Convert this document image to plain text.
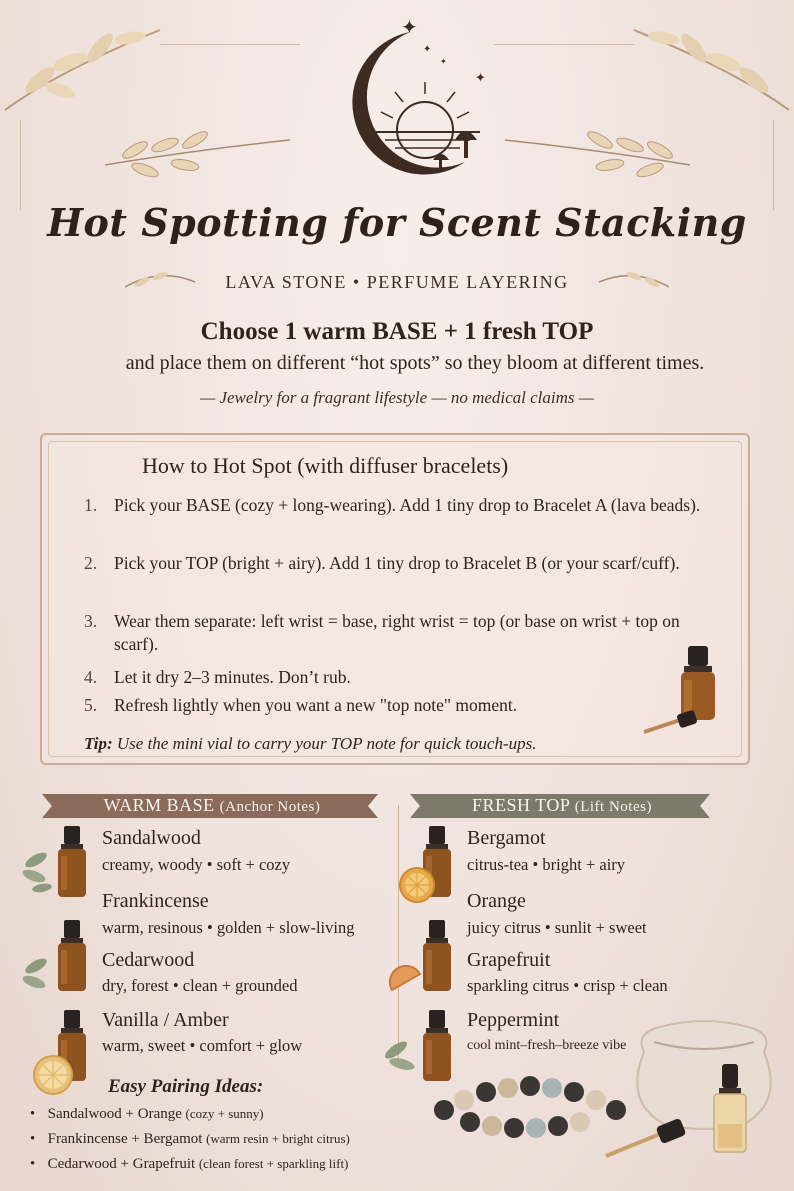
✦
✦
✦
✦
Hot Spotting for Scent Stacking
LAVA STONE • PERFUME LAYERING
Choose 1 warm BASE + 1 fresh TOP
and place them on different “hot spots” so they bloom at different times.
— Jewelry for a fragrant lifestyle — no medical claims —
How to Hot Spot (with diffuser bracelets)
1. Pick your BASE (cozy + long-wearing). Add 1 tiny drop to Bracelet A (lava beads).
2. Pick your TOP (bright + airy). Add 1 tiny drop to Bracelet B (or your scarf/cuff).
3. Wear them separate: left wrist = base, right wrist = top (or base on wrist + top on scarf).
4. Let it dry 2–3 minutes. Don’t rub.
5. Refresh lightly when you want a new "top note" moment.
Tip: Use the mini vial to carry your TOP note for quick touch-ups.
WARM BASE (Anchor Notes)	FRESH TOP (Lift Notes)
Sandalwood
creamy, woody • soft + cozy
Frankincense
warm, resinous • golden + slow-living
Cedarwood
dry, forest • clean + grounded
Vanilla / Amber
warm, sweet • comfort + glow
Bergamot
citrus-tea • bright + airy
Orange
juicy citrus • sunlit + sweet
Grapefruit
sparkling citrus • crisp + clean
Peppermint
cool mint–fresh–breeze vibe
Easy Pairing Ideas:
• Sandalwood + Orange (cozy + sunny)
• Frankincense + Bergamot (warm resin + bright citrus)
• Cedarwood + Grapefruit (clean forest + sparkling lift)
